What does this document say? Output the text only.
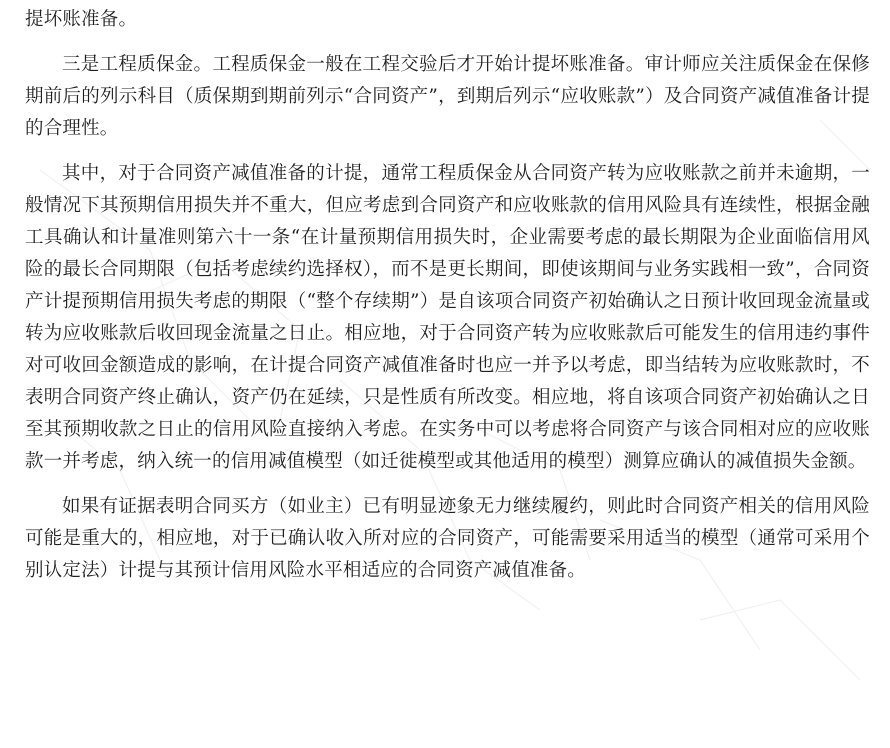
提坏账准备。

三是工程质保金。工程质保金一般在工程交验后才开始计提坏账准备。审计师应关注质保金在保修期前后的列示科目（质保期到期前列示“合同资产”，到期后列示“应收账款”）及合同资产减值准备计提的合理性。

其中，对于合同资产减值准备的计提，通常工程质保金从合同资产转为应收账款之前并未逾期，一般情况下其预期信用损失并不重大，但应考虑到合同资产和应收账款的信用风险具有连续性，根据金融工具确认和计量准则第六十一条“在计量预期信用损失时，企业需要考虑的最长期限为企业面临信用风险的最长合同期限（包括考虑续约选择权），而不是更长期间，即使该期间与业务实践相一致”，合同资产计提预期信用损失考虑的期限（“整个存续期”）是自该项合同资产初始确认之日预计收回现金流量或转为应收账款后收回现金流量之日止。相应地，对于合同资产转为应收账款后可能发生的信用违约事件对可收回金额造成的影响，在计提合同资产减值准备时也应一并予以考虑，即当结转为应收账款时，不表明合同资产终止确认，资产仍在延续，只是性质有所改变。相应地，将自该项合同资产初始确认之日至其预期收款之日止的信用风险直接纳入考虑。在实务中可以考虑将合同资产与该合同相对应的应收账款一并考虑，纳入统一的信用减值模型（如迁徙模型或其他适用的模型）测算应确认的减值损失金额。

如果有证据表明合同买方（如业主）已有明显迹象无力继续履约，则此时合同资产相关的信用风险可能是重大的，相应地，对于已确认收入所对应的合同资产，可能需要采用适当的模型（通常可采用个别认定法）计提与其预计信用风险水平相适应的合同资产减值准备。
